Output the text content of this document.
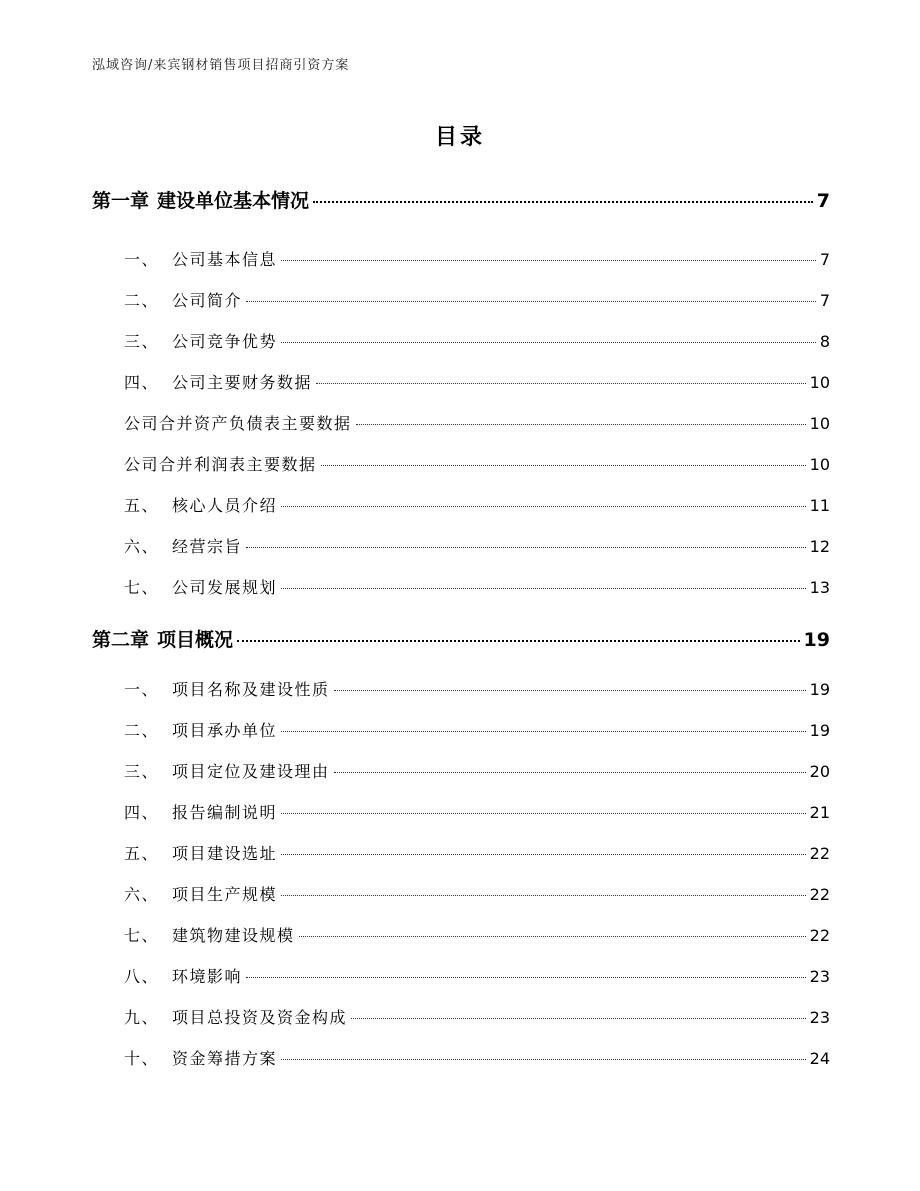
泓域咨询/来宾钢材销售项目招商引资方案
目录
第一章 建设单位基本情况	7
一、 公司基本信息	7
二、 公司简介	7
三、 公司竞争优势	8
四、 公司主要财务数据	10
公司合并资产负债表主要数据	10
公司合并利润表主要数据	10
五、 核心人员介绍	11
六、 经营宗旨	12
七、 公司发展规划	13
第二章 项目概况	19
一、 项目名称及建设性质	19
二、 项目承办单位	19
三、 项目定位及建设理由	20
四、 报告编制说明	21
五、 项目建设选址	22
六、 项目生产规模	22
七、 建筑物建设规模	22
八、 环境影响	23
九、 项目总投资及资金构成	23
十、 资金筹措方案	24
